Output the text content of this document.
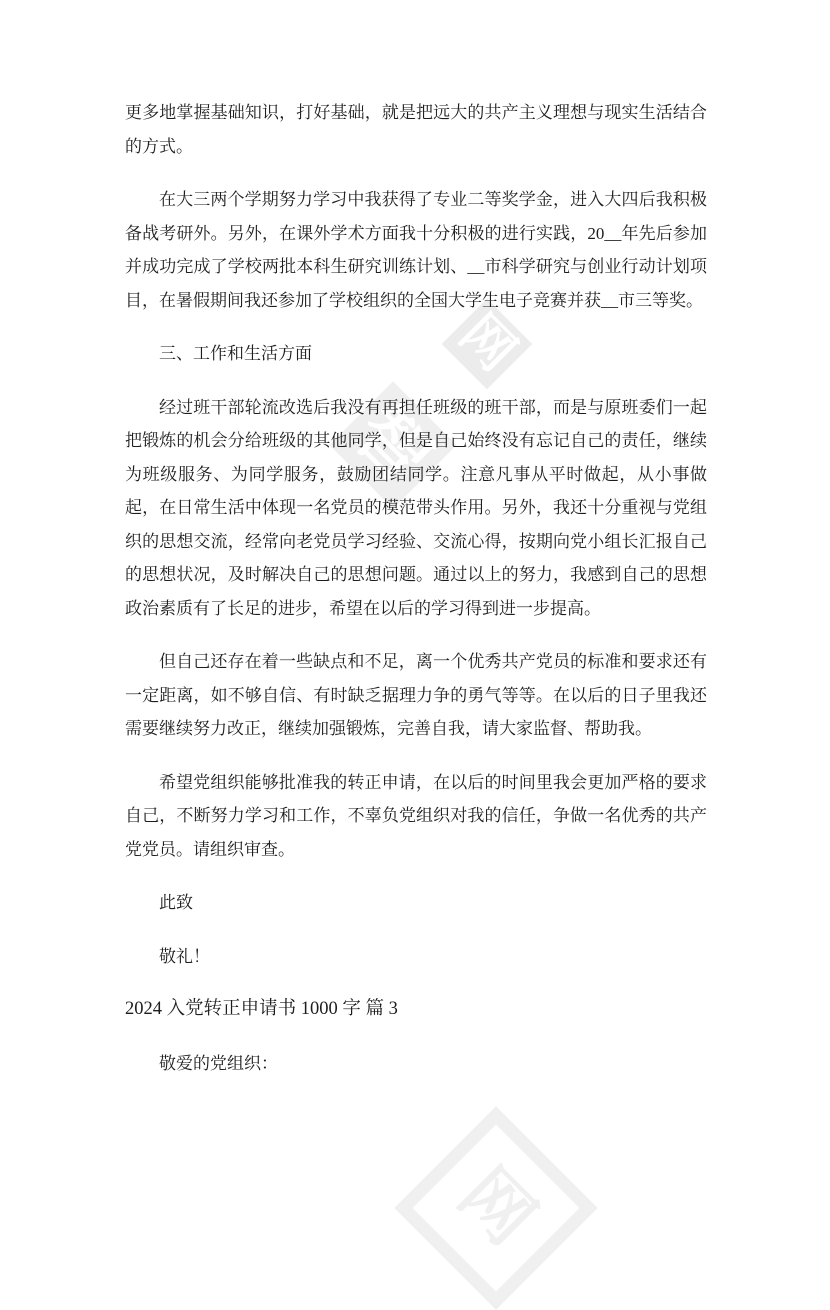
智
网
网

更多地掌握基础知识，打好基础，就是把远大的共产主义理想与现实生活结合的方式。

在大三两个学期努力学习中我获得了专业二等奖学金，进入大四后我积极备战考研外。另外，在课外学术方面我十分积极的进行实践，20__年先后参加并成功完成了学校两批本科生研究训练计划、__市科学研究与创业行动计划项目，在暑假期间我还参加了学校组织的全国大学生电子竞赛并获__市三等奖。

三、工作和生活方面

经过班干部轮流改选后我没有再担任班级的班干部，而是与原班委们一起把锻炼的机会分给班级的其他同学，但是自己始终没有忘记自己的责任，继续为班级服务、为同学服务，鼓励团结同学。注意凡事从平时做起，从小事做起，在日常生活中体现一名党员的模范带头作用。另外，我还十分重视与党组织的思想交流，经常向老党员学习经验、交流心得，按期向党小组长汇报自己的思想状况，及时解决自己的思想问题。通过以上的努力，我感到自己的思想政治素质有了长足的进步，希望在以后的学习得到进一步提高。

但自己还存在着一些缺点和不足，离一个优秀共产党员的标准和要求还有一定距离，如不够自信、有时缺乏据理力争的勇气等等。在以后的日子里我还需要继续努力改正，继续加强锻炼，完善自我，请大家监督、帮助我。

希望党组织能够批准我的转正申请，在以后的时间里我会更加严格的要求自己，不断努力学习和工作，不辜负党组织对我的信任，争做一名优秀的共产党党员。请组织审查。

此致

敬礼！

2024 入党转正申请书 1000 字 篇 3

敬爱的党组织：
